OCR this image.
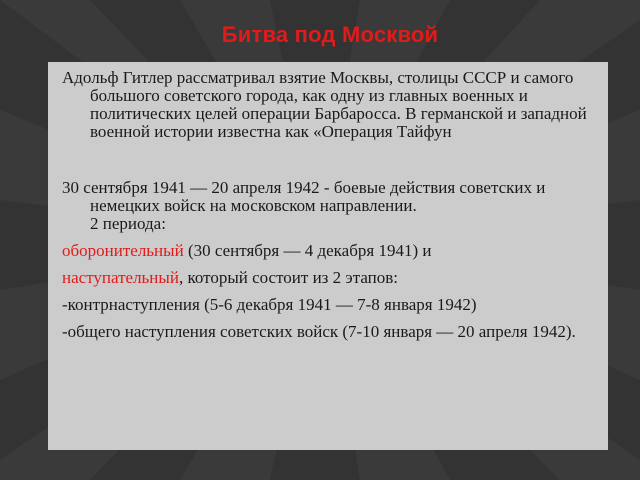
Битва под Москвой

Адольф Гитлер рассматривал взятие Москвы, столицы СССР и самого большого советского города, как одну из главных военных и политических целей операции Барбаросса. В германской и западной военной истории известна как «Операция Тайфун

30 сентября 1941 — 20 апреля 1942 - боевые действия советских и немецких войск на московском направлении.
2 периода:

оборонительный (30 сентября — 4 декабря 1941) и

наступательный, который состоит из 2 этапов:

-контрнаступления (5-6 декабря 1941 — 7-8 января 1942)

-общего наступления советских войск (7-10 января — 20 апреля 1942).
